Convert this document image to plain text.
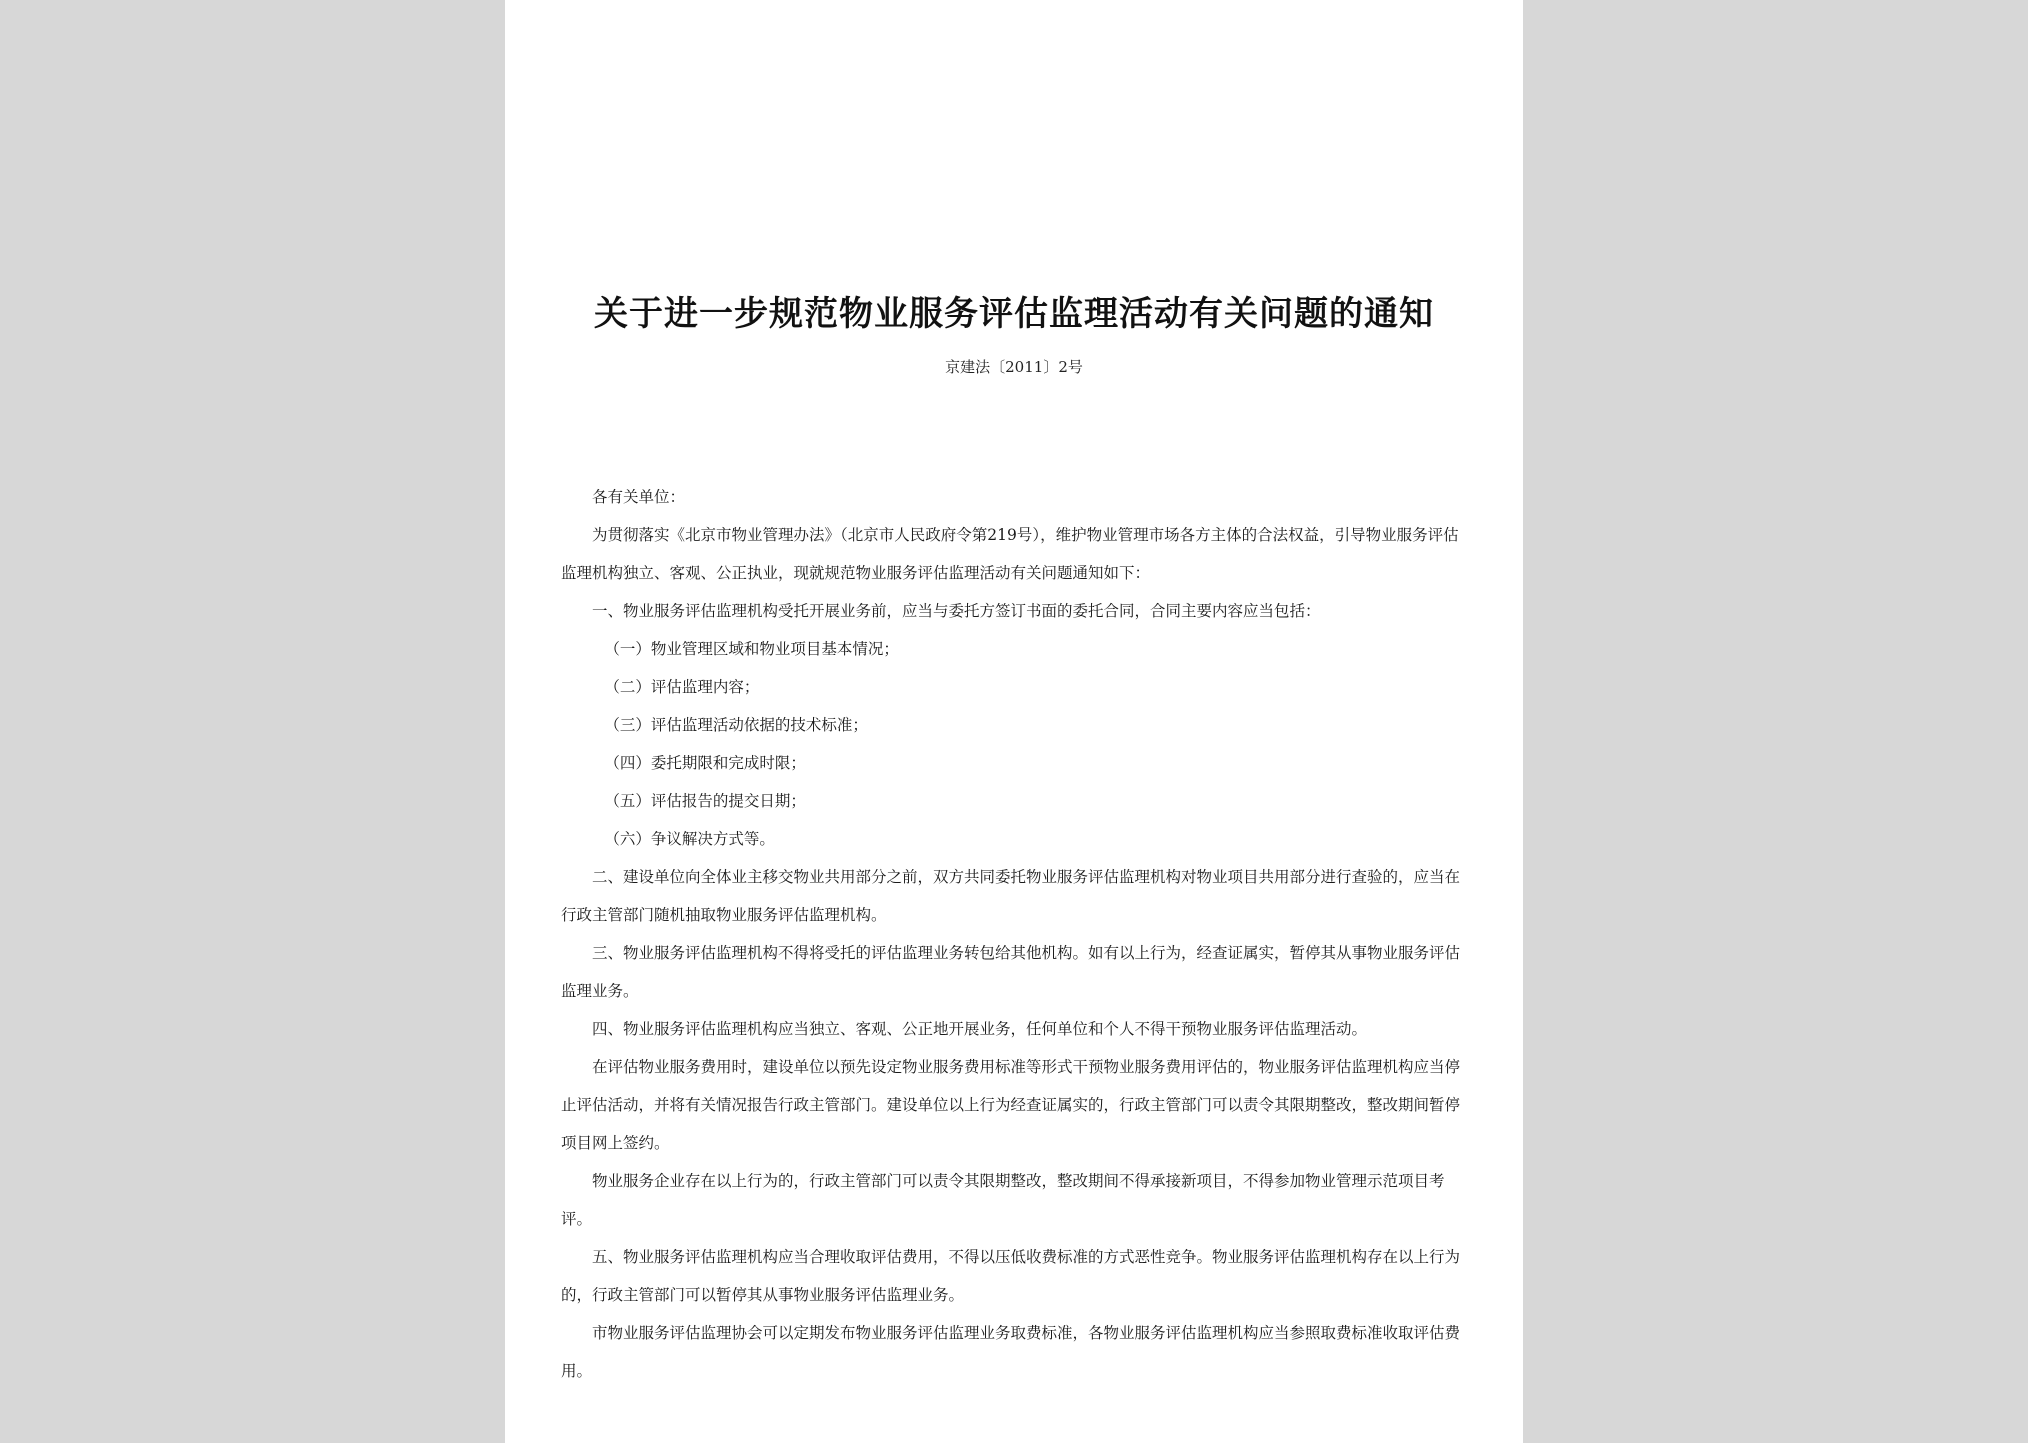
关于进一步规范物业服务评估监理活动有关问题的通知
京建法〔2011〕2号

各有关单位：

为贯彻落实《北京市物业管理办法》（北京市人民政府令第219号），维护物业管理市场各方主体的合法权益，引导物业服务评估监理机构独立、客观、公正执业，现就规范物业服务评估监理活动有关问题通知如下：

一、物业服务评估监理机构受托开展业务前，应当与委托方签订书面的委托合同，合同主要内容应当包括：

（一）物业管理区域和物业项目基本情况；

（二）评估监理内容；

（三）评估监理活动依据的技术标准；

（四）委托期限和完成时限；

（五）评估报告的提交日期；

（六）争议解决方式等。

二、建设单位向全体业主移交物业共用部分之前，双方共同委托物业服务评估监理机构对物业项目共用部分进行查验的，应当在行政主管部门随机抽取物业服务评估监理机构。

三、物业服务评估监理机构不得将受托的评估监理业务转包给其他机构。如有以上行为，经查证属实，暂停其从事物业服务评估监理业务。

四、物业服务评估监理机构应当独立、客观、公正地开展业务，任何单位和个人不得干预物业服务评估监理活动。

在评估物业服务费用时，建设单位以预先设定物业服务费用标准等形式干预物业服务费用评估的，物业服务评估监理机构应当停止评估活动，并将有关情况报告行政主管部门。建设单位以上行为经查证属实的，行政主管部门可以责令其限期整改，整改期间暂停项目网上签约。

物业服务企业存在以上行为的，行政主管部门可以责令其限期整改，整改期间不得承接新项目，不得参加物业管理示范项目考评。

五、物业服务评估监理机构应当合理收取评估费用，不得以压低收费标准的方式恶性竞争。物业服务评估监理机构存在以上行为的，行政主管部门可以暂停其从事物业服务评估监理业务。

市物业服务评估监理协会可以定期发布物业服务评估监理业务取费标准，各物业服务评估监理机构应当参照取费标准收取评估费用。
